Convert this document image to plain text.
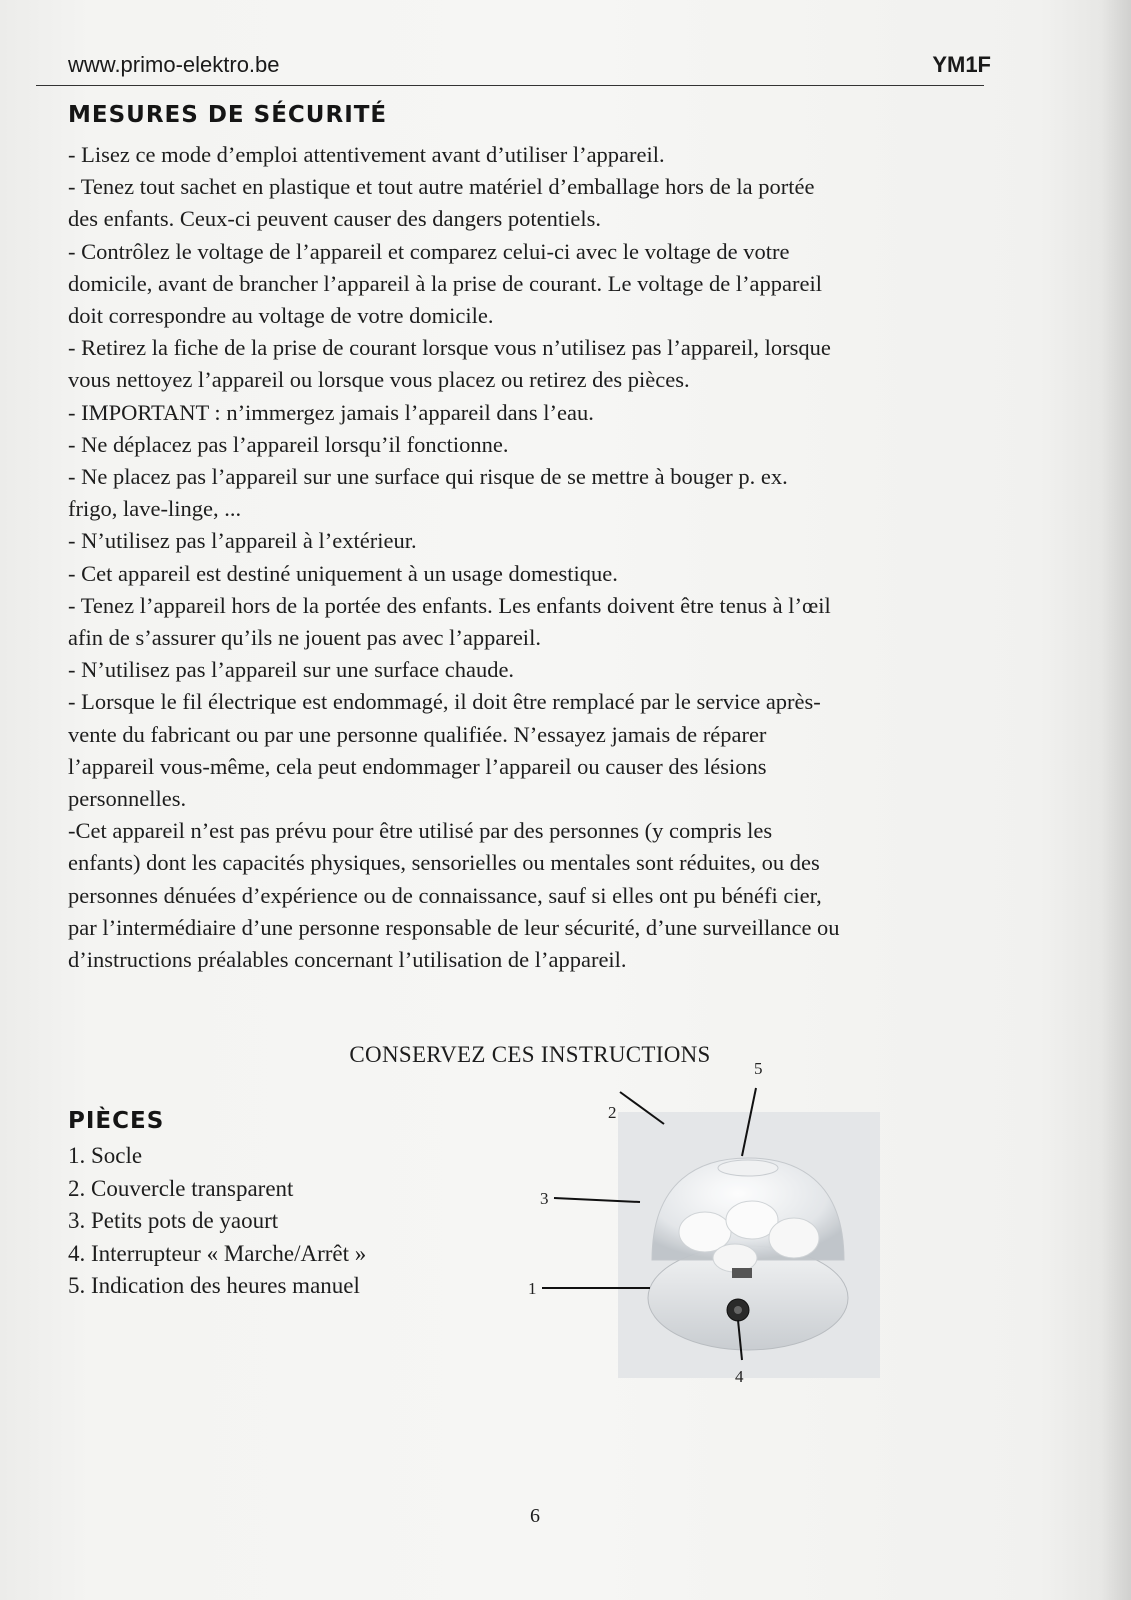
www.primo-elektro.be	YM1F
MESURES DE SÉCURITÉ

- Lisez ce mode d’emploi attentivement avant d’utiliser l’appareil.

- Tenez tout sachet en plastique et tout autre matériel d’emballage hors de la portée

des enfants. Ceux-ci peuvent causer des dangers potentiels.

- Contrôlez le voltage de l’appareil et comparez celui-ci avec le voltage de votre

domicile, avant de brancher l’appareil à la prise de courant. Le voltage de l’appareil

doit correspondre au voltage de votre domicile.

- Retirez la fiche de la prise de courant lorsque vous n’utilisez pas l’appareil, lorsque

vous nettoyez l’appareil ou lorsque vous placez ou retirez des pièces.

- IMPORTANT : n’immergez jamais l’appareil dans l’eau.

- Ne déplacez pas l’appareil lorsqu’il fonctionne.

- Ne placez pas l’appareil sur une surface qui risque de se mettre à bouger p. ex.

frigo, lave-linge, ...

- N’utilisez pas l’appareil à l’extérieur.

- Cet appareil est destiné uniquement à un usage domestique.

- Tenez l’appareil hors de la portée des enfants. Les enfants doivent être tenus à l’œil

afin de s’assurer qu’ils ne jouent pas avec l’appareil.

- N’utilisez pas l’appareil sur une surface chaude.

- Lorsque le fil électrique est endommagé, il doit être remplacé par le service après-

vente du fabricant ou par une personne qualifiée. N’essayez jamais de réparer

l’appareil vous-même, cela peut endommager l’appareil ou causer des lésions

personnelles.

-Cet appareil n’est pas prévu pour être utilisé par des personnes (y compris les

enfants) dont les capacités physiques, sensorielles ou mentales sont réduites, ou des

personnes dénuées d’expérience ou de connaissance, sauf si elles ont pu bénéfi cier,

par l’intermédiaire d’une personne responsable de leur sécurité, d’une surveillance ou

d’instructions préalables concernant l’utilisation de l’appareil.

CONSERVEZ CES INSTRUCTIONS
PIÈCES

1. Socle

2. Couvercle transparent

3. Petits pots de yaourt

4. Interrupteur « Marche/Arrêt »

5. Indication des heures manuel

2
5
3
1
4
6
